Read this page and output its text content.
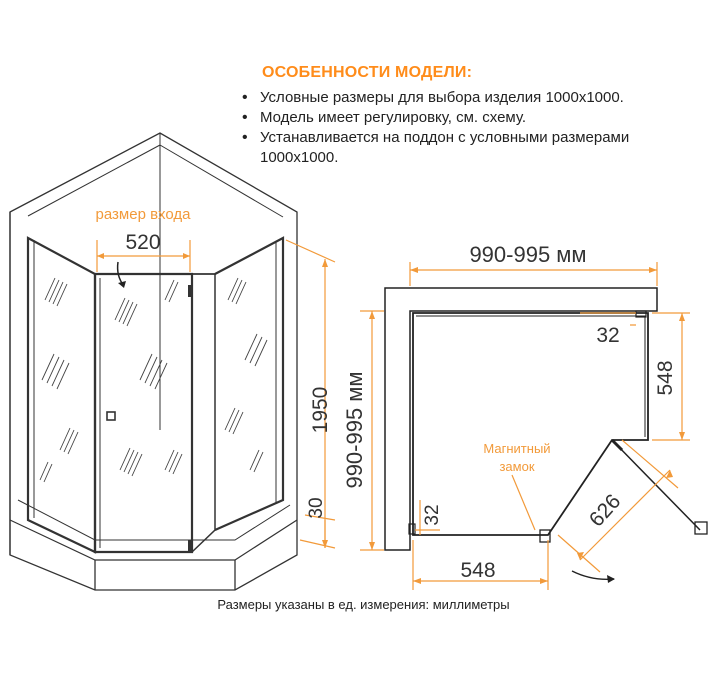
ОСОБЕННОСТИ МОДЕЛИ:
• Условные размеры для выбора изделия 1000x1000.
• Модель имеет регулировку, см. схему.
• Устанавливается на поддон с условными размерами 1000x1000.
размер входа
520
1950
30
990-995 мм
990-995 мм
32
548
548
32	626
Магнитный
замок
Размеры указаны в ед. измерения: миллиметры
